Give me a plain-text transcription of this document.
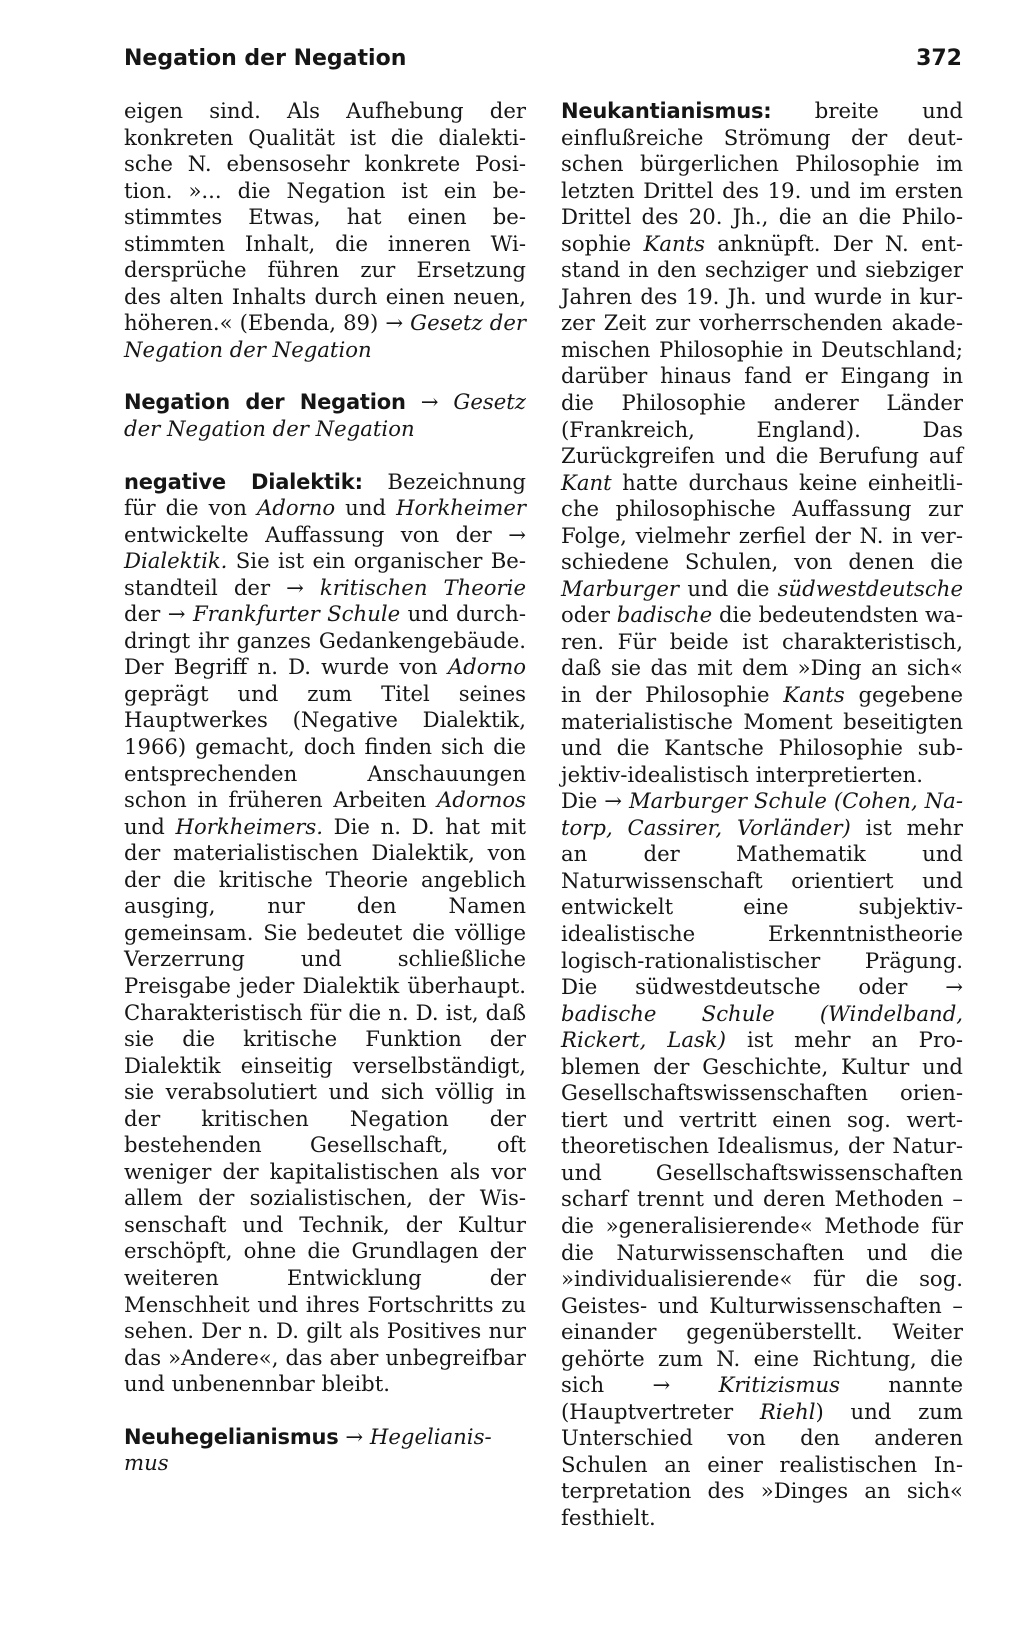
Negation der Negation	372

eigen sind. Als Aufhebung der konkreten Qualität ist die dialektische N. ebensosehr konkrete Position. »... die Negation ist ein bestimmtes Etwas, hat einen bestimmten Inhalt, die inneren Widersprüche führen zur Ersetzung des alten Inhalts durch einen neuen, höheren.« (Ebenda, 89) → Gesetz der Negation der Negation

Negation der Negation → Gesetz der Negation der Negation

negative Dialektik: Bezeichnung für die von Adorno und Horkheimer entwickelte Auffassung von der → Dialektik. Sie ist ein organischer Bestandteil der → kritischen Theorie der → Frankfurter Schule und durchdringt ihr ganzes Gedankengebäude. Der Begriff n. D. wurde von Adorno geprägt und zum Titel seines Hauptwerkes (Negative Dialektik, 1966) gemacht, doch finden sich die entsprechenden Anschauungen schon in früheren Arbeiten Adornos und Horkheimers. Die n. D. hat mit der materialistischen Dialektik, von der die kritische Theorie angeblich ausging, nur den Namen gemeinsam. Sie bedeutet die völlige Verzerrung und schließliche Preisgabe jeder Dialektik überhaupt. Charakteristisch für die n. D. ist, daß sie die kritische Funktion der Dialektik einseitig verselbständigt, sie verabsolutiert und sich völlig in der kritischen Negation der bestehenden Gesellschaft, oft weniger der kapitalistischen als vor allem der sozialistischen, der Wissenschaft und Technik, der Kultur erschöpft, ohne die Grundlagen der weiteren Entwicklung der Menschheit und ihres Fortschritts zu sehen. Der n. D. gilt als Positives nur das »Andere«, das aber unbegreifbar und unbenennbar bleibt.

Neuhegelianismus → Hegelianismus

Neukantianismus: breite und einflußreiche Strömung der deutschen bürgerlichen Philosophie im letzten Drittel des 19. und im ersten Drittel des 20. Jh., die an die Philosophie Kants anknüpft. Der N. entstand in den sechziger und siebziger Jahren des 19. Jh. und wurde in kurzer Zeit zur vorherrschenden akademischen Philosophie in Deutschland; darüber hinaus fand er Eingang in die Philosophie anderer Länder (Frankreich, England). Das Zurückgreifen und die Berufung auf Kant hatte durchaus keine einheitliche philosophische Auffassung zur Folge, vielmehr zerfiel der N. in verschiedene Schulen, von denen die Marburger und die südwestdeutsche oder badische die bedeutendsten waren. Für beide ist charakteristisch, daß sie das mit dem »Ding an sich« in der Philosophie Kants gegebene materialistische Moment beseitigten und die Kantsche Philosophie subjektiv-idealistisch interpretierten.

Die → Marburger Schule (Cohen, Natorp, Cassirer, Vorländer) ist mehr an der Mathematik und Naturwissenschaft orientiert und entwickelt eine subjektiv-idealistische Erkenntnistheorie logisch-rationalistischer Prägung. Die südwestdeutsche oder → badische Schule (Windelband, Rickert, Lask) ist mehr an Problemen der Geschichte, Kultur und Gesellschaftswissenschaften orientiert und vertritt einen sog. werttheoretischen Idealismus, der Natur- und Gesellschaftswissenschaften scharf trennt und deren Methoden – die »generalisierende« Methode für die Naturwissenschaften und die »individualisierende« für die sog. Geistes- und Kulturwissenschaften – einander gegenüberstellt. Weiter gehörte zum N. eine Richtung, die sich → Kritizismus nannte (Hauptvertreter Riehl) und zum Unterschied von den anderen Schulen an einer realistischen Interpretation des »Dinges an sich« festhielt.
